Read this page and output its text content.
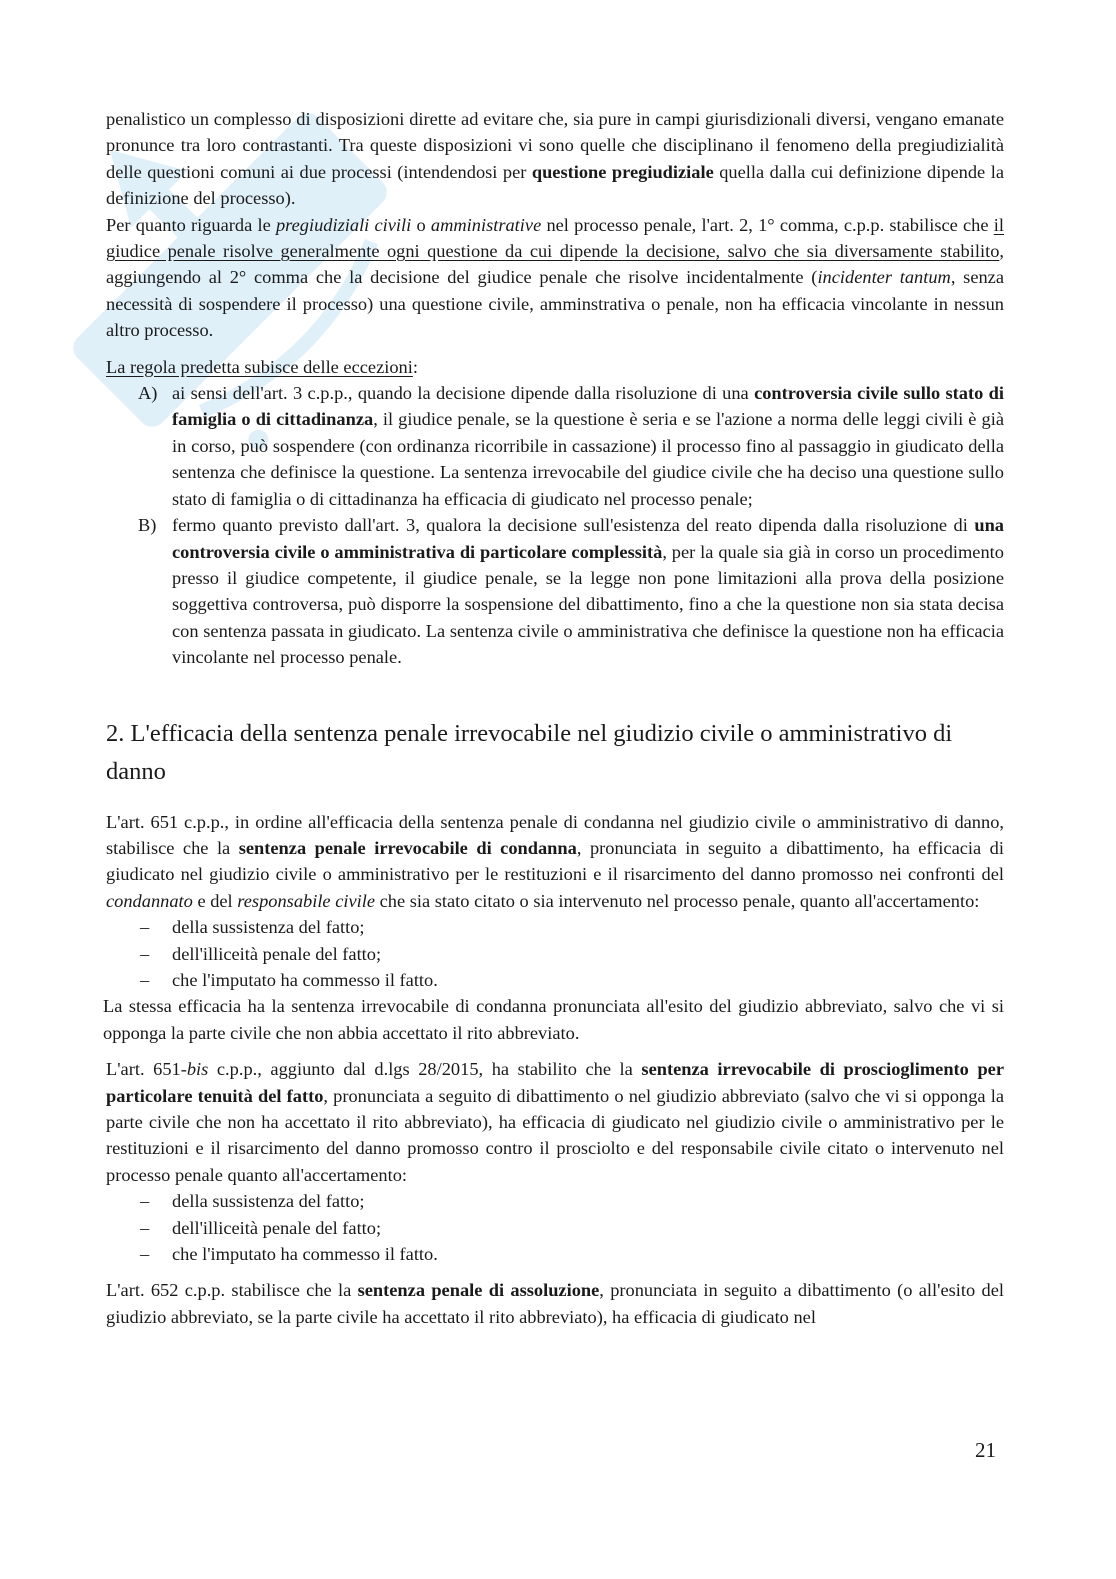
penalistico un complesso di disposizioni dirette ad evitare che, sia pure in campi giurisdizionali diversi, vengano emanate pronunce tra loro contrastanti. Tra queste disposizioni vi sono quelle che disciplinano il fenomeno della pregiudizialità delle questioni comuni ai due processi (intendendosi per questione pregiudiziale quella dalla cui definizione dipende la definizione del processo).

Per quanto riguarda le pregiudiziali civili o amministrative nel processo penale, l'art. 2, 1° comma, c.p.p. stabilisce che il giudice penale risolve generalmente ogni questione da cui dipende la decisione, salvo che sia diversamente stabilito, aggiungendo al 2° comma che la decisione del giudice penale che risolve incidentalmente (incidenter tantum, senza necessità di sospendere il processo) una questione civile, amminstrativa o penale, non ha efficacia vincolante in nessun altro processo.

La regola predetta subisce delle eccezioni:

A) ai sensi dell'art. 3 c.p.p., quando la decisione dipende dalla risoluzione di una controversia civile sullo stato di famiglia o di cittadinanza, il giudice penale, se la questione è seria e se l'azione a norma delle leggi civili è già in corso, può sospendere (con ordinanza ricorribile in cassazione) il processo fino al passaggio in giudicato della sentenza che definisce la questione. La sentenza irrevocabile del giudice civile che ha deciso una questione sullo stato di famiglia o di cittadinanza ha efficacia di giudicato nel processo penale;
B) fermo quanto previsto dall'art. 3, qualora la decisione sull'esistenza del reato dipenda dalla risoluzione di una controversia civile o amministrativa di particolare complessità, per la quale sia già in corso un procedimento presso il giudice competente, il giudice penale, se la legge non pone limitazioni alla prova della posizione soggettiva controversa, può disporre la sospensione del dibattimento, fino a che la questione non sia stata decisa con sentenza passata in giudicato. La sentenza civile o amministrativa che definisce la questione non ha efficacia vincolante nel processo penale.
2. L'efficacia della sentenza penale irrevocabile nel giudizio civile o amministrativo di danno

L'art. 651 c.p.p., in ordine all'efficacia della sentenza penale di condanna nel giudizio civile o amministrativo di danno, stabilisce che la sentenza penale irrevocabile di condanna, pronunciata in seguito a dibattimento, ha efficacia di giudicato nel giudizio civile o amministrativo per le restituzioni e il risarcimento del danno promosso nei confronti del condannato e del responsabile civile che sia stato citato o sia intervenuto nel processo penale, quanto all'accertamento:

– della sussistenza del fatto;
– dell'illiceità penale del fatto;
– che l'imputato ha commesso il fatto.

La stessa efficacia ha la sentenza irrevocabile di condanna pronunciata all'esito del giudizio abbreviato, salvo che vi si opponga la parte civile che non abbia accettato il rito abbreviato.

L'art. 651-bis c.p.p., aggiunto dal d.lgs 28/2015, ha stabilito che la sentenza irrevocabile di proscioglimento per particolare tenuità del fatto, pronunciata a seguito di dibattimento o nel giudizio abbreviato (salvo che vi si opponga la parte civile che non ha accettato il rito abbreviato), ha efficacia di giudicato nel giudizio civile o amministrativo per le restituzioni e il risarcimento del danno promosso contro il prosciolto e del responsabile civile citato o intervenuto nel processo penale quanto all'accertamento:

– della sussistenza del fatto;
– dell'illiceità penale del fatto;
– che l'imputato ha commesso il fatto.

L'art. 652 c.p.p. stabilisce che la sentenza penale di assoluzione, pronunciata in seguito a dibattimento (o all'esito del giudizio abbreviato, se la parte civile ha accettato il rito abbreviato), ha efficacia di giudicato nel

21
